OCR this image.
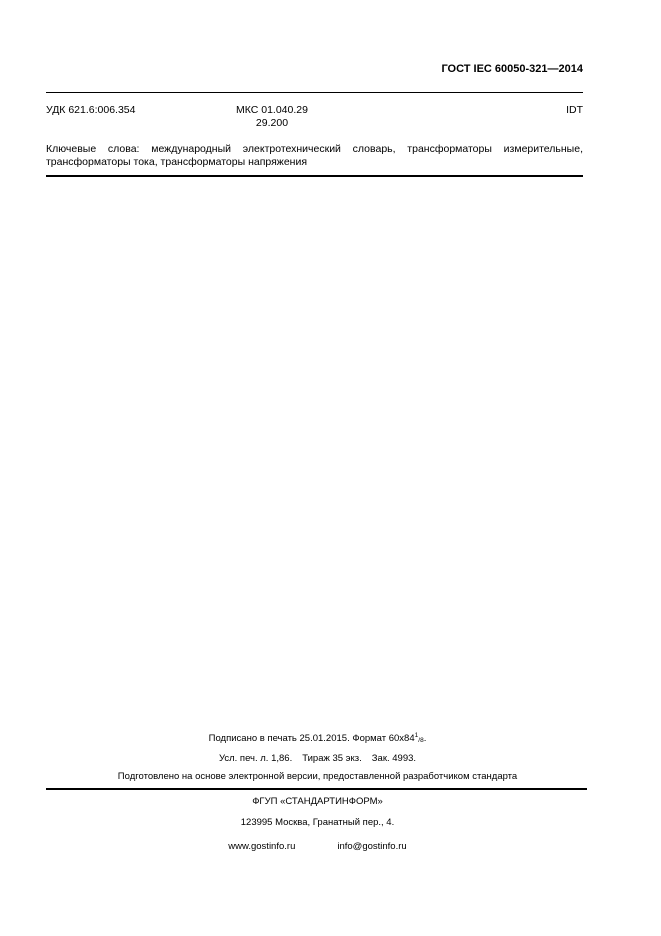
ГОСТ IEC 60050-321—2014
УДК 621.6:006.354	МКС 01.040.29
29.200
IDT
Ключевые слова: международный электротехнический словарь, трансформаторы измерительные,
трансформаторы тока, трансформаторы напряжения
Подписано в печать 25.01.2015. Формат $60х84^1/8$.
Усл. печ. л. 1,86. Тираж 35 экз. Зак. 4993.
Подготовлено на основе электронной версии, предоставленной разработчиком стандарта
ФГУП «СТАНДАРТИНФОРМ»
123995 Москва, Гранатный пер., 4.
www.gostinfo.ru	info@gostinfo.ru
